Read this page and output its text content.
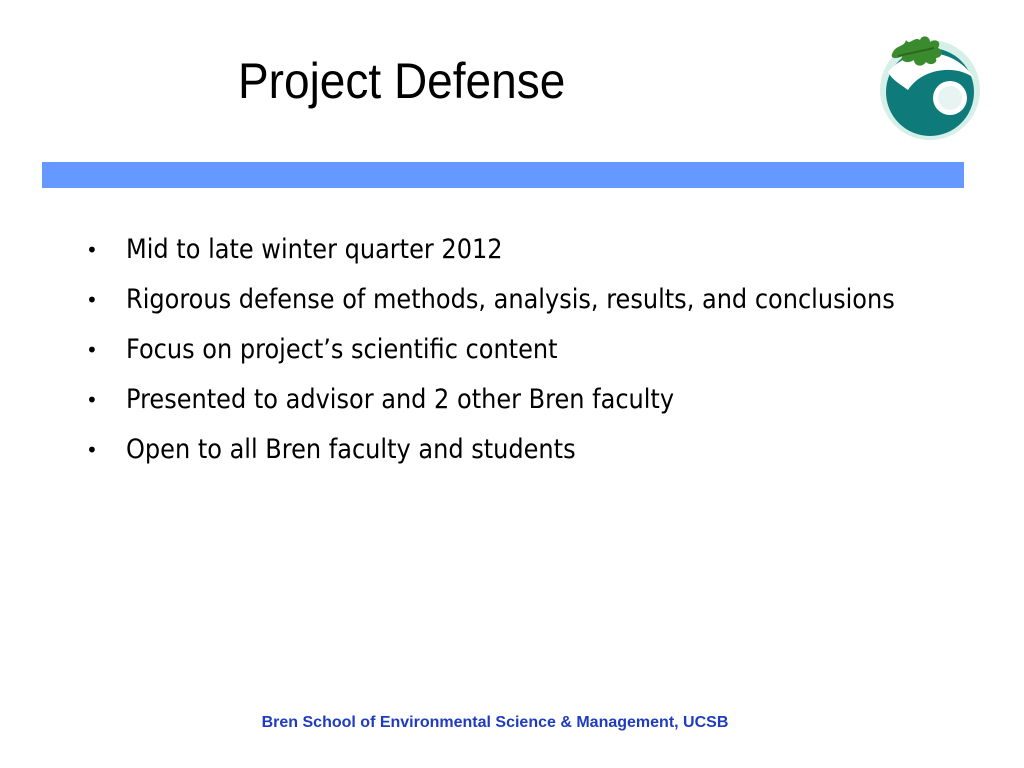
Project Defense
• Mid to late winter quarter 2012
• Rigorous defense of methods, analysis, results, and conclusions
• Focus on project’s scientific content
• Presented to advisor and 2 other Bren faculty
• Open to all Bren faculty and students
Bren School of Environmental Science & Management, UCSB
